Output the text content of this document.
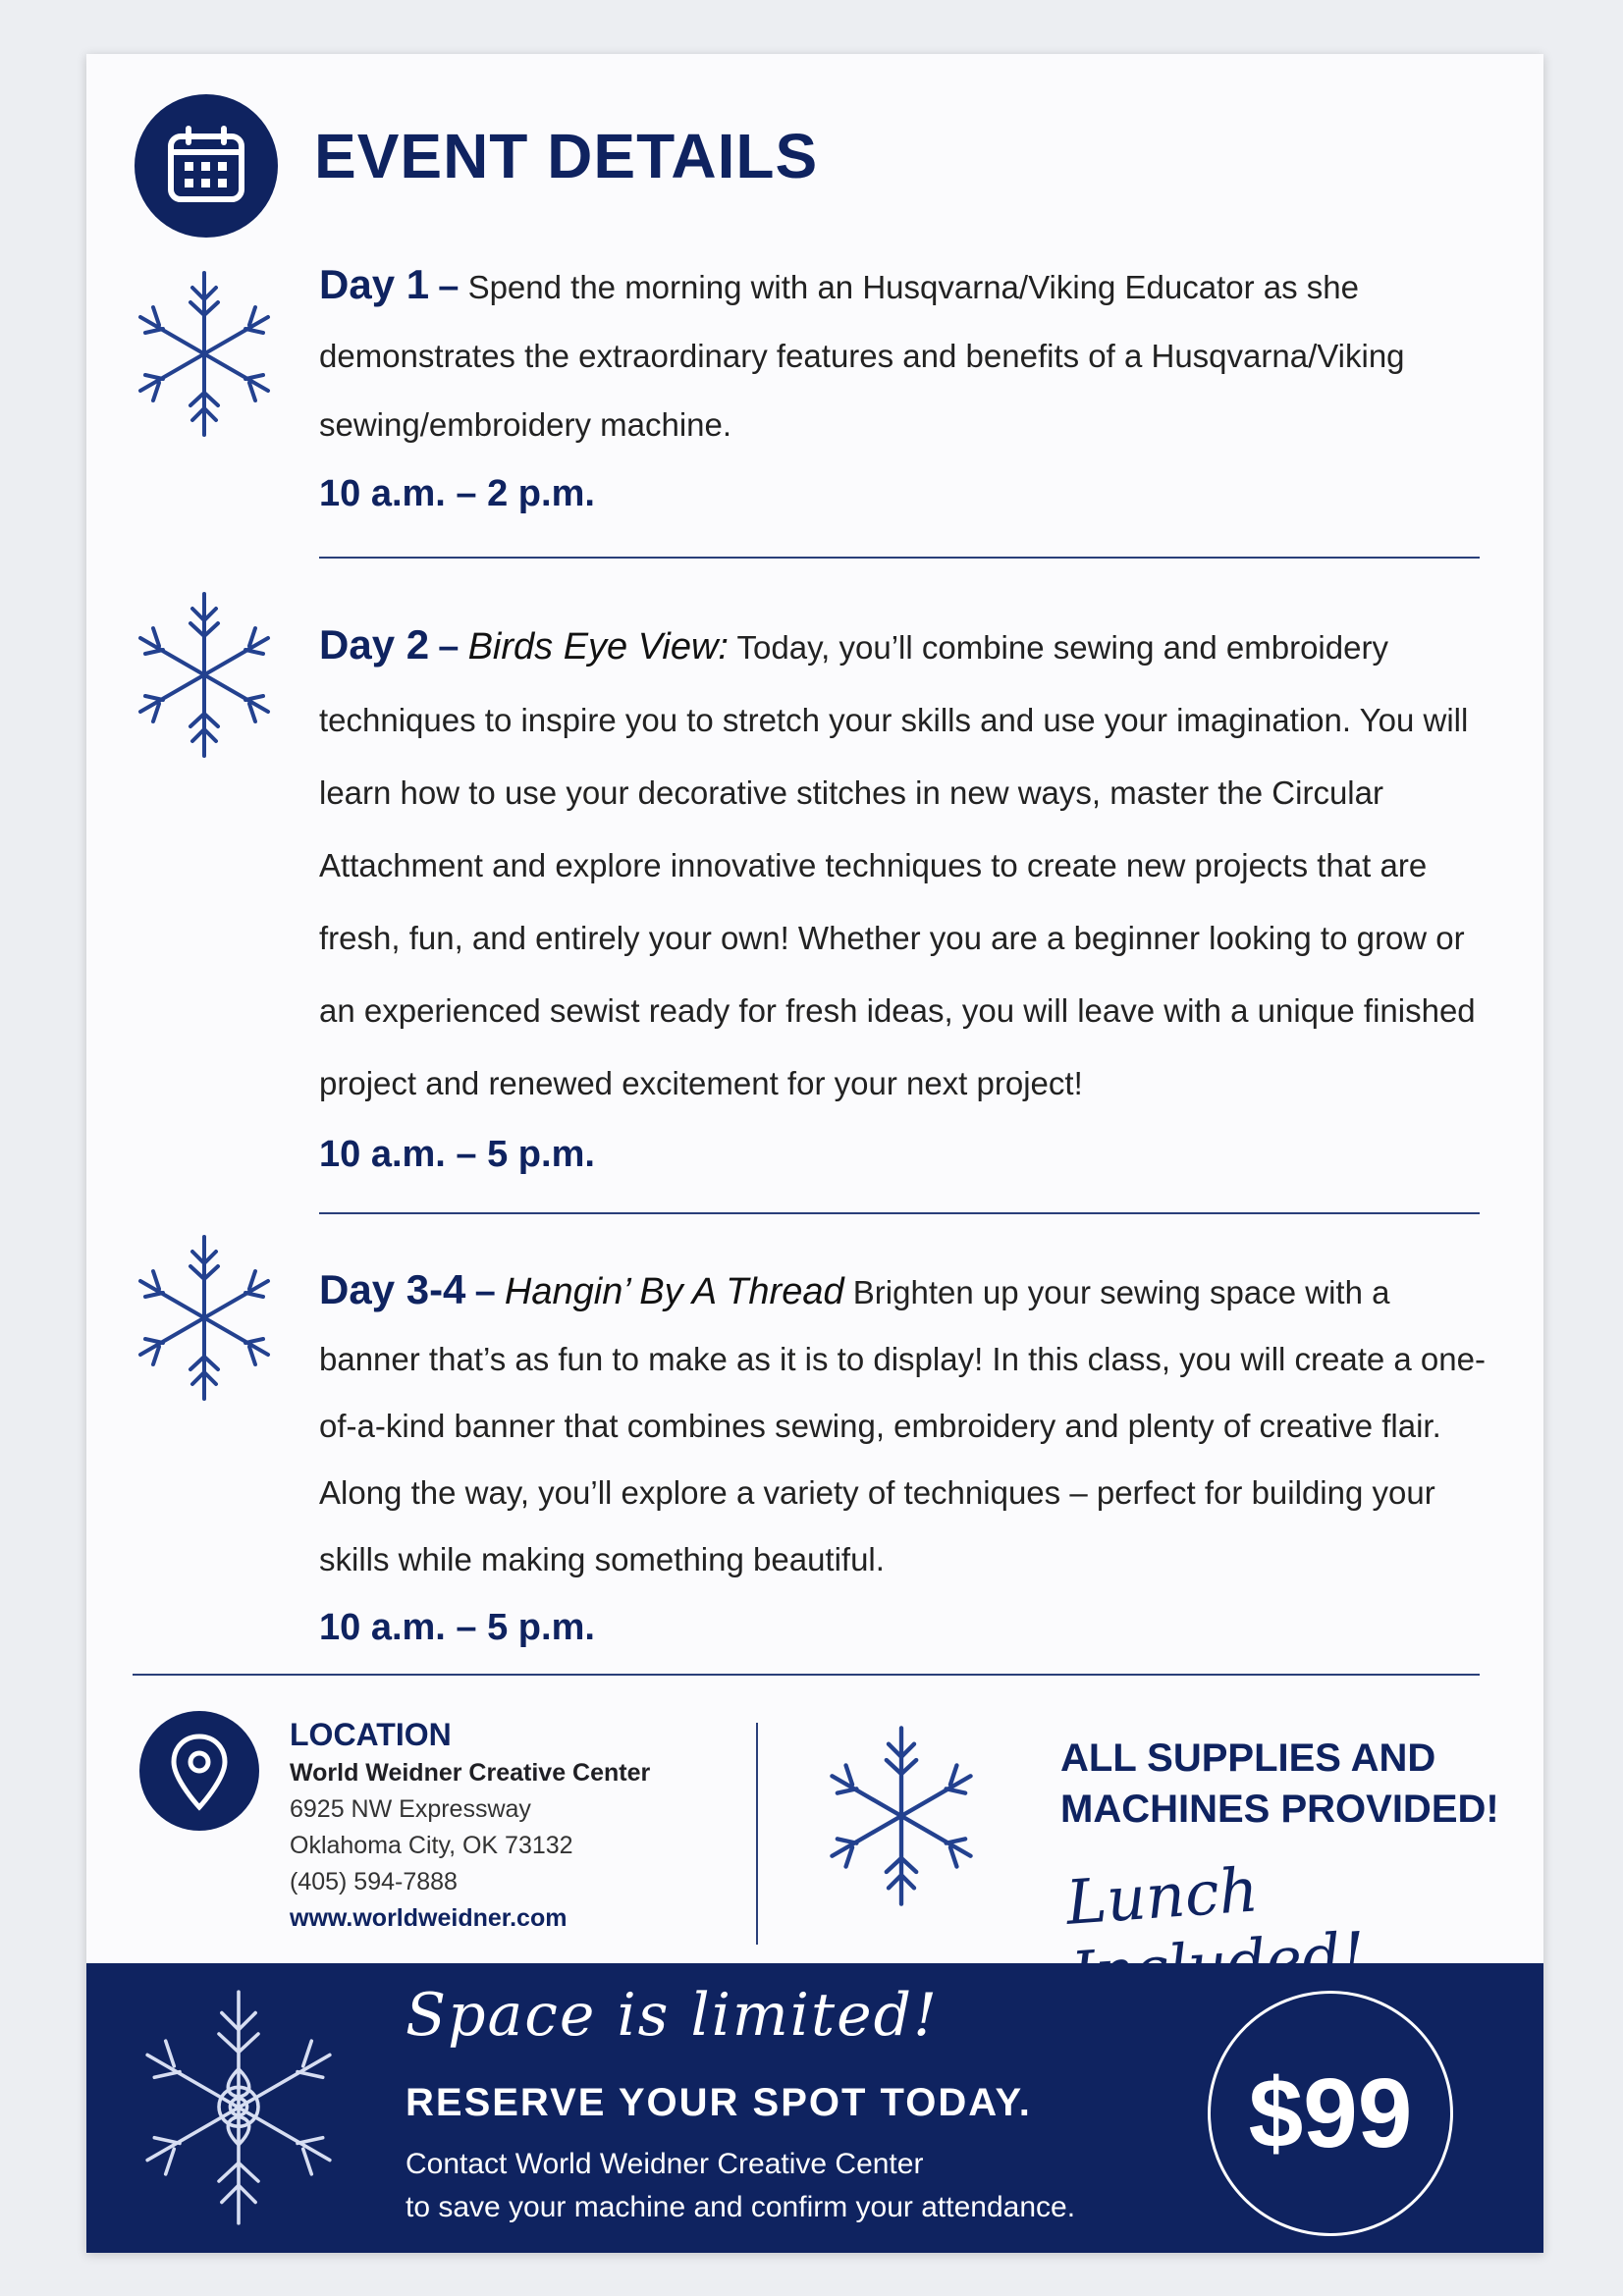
EVENT DETAILS

Day 1 – Spend the morning with an Husqvarna/Viking Educator as she demonstrates the extraordinary features and benefits of a Husqvarna/Viking sewing/embroidery machine.

10 a.m. – 2 p.m.

Day 2 – Birds Eye View: Today, you’ll combine sewing and embroidery techniques to inspire you to stretch your skills and use your imagination. You will learn how to use your decorative stitches in new ways, master the Circular Attachment and explore innovative techniques to create new projects that are fresh, fun, and entirely your own! Whether you are a beginner looking to grow or an experienced sewist ready for fresh ideas, you will leave with a unique finished project and renewed excitement for your next project!

10 a.m. – 5 p.m.

Day 3-4 – Hangin’ By A Thread Brighten up your sewing space with a banner that’s as fun to make as it is to display! In this class, you will create a one-of-a-kind banner that combines sewing, embroidery and plenty of creative flair. Along the way, you’ll explore a variety of techniques – perfect for building your skills while making something beautiful.

10 a.m. – 5 p.m.

LOCATION

World Weidner Creative Center

6925 NW Expressway

Oklahoma City, OK 73132

(405) 594-7888

www.worldweidner.com

ALL SUPPLIES AND
MACHINES PROVIDED!

Lunch

Space is limited!

RESERVE YOUR SPOT TODAY.

Contact World Weidner Creative Center
to save your machine and confirm your attendance.

$99
